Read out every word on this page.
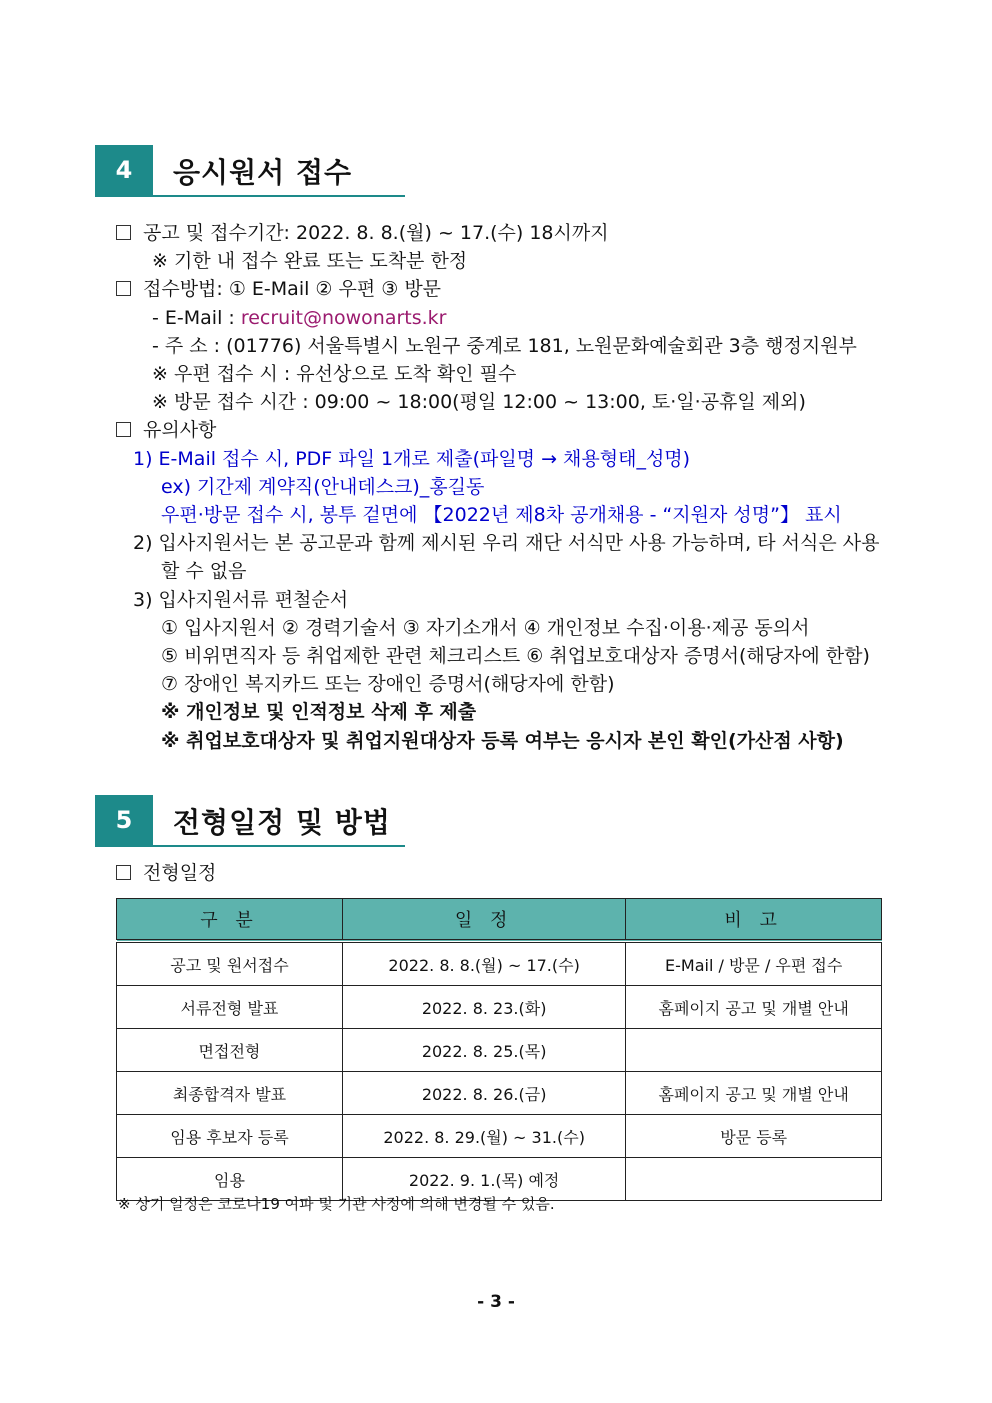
4	응시원서 접수
공고 및 접수기간: 2022. 8. 8.(월) ~ 17.(수) 18시까지
※ 기한 내 접수 완료 또는 도착분 한정
접수방법: ① E-Mail ② 우편 ③ 방문
- E-Mail : recruit@nowonarts.kr
- 주 소 : (01776) 서울특별시 노원구 중계로 181, 노원문화예술회관 3층 행정지원부
※ 우편 접수 시 : 유선상으로 도착 확인 필수
※ 방문 접수 시간 : 09:00 ~ 18:00(평일 12:00 ~ 13:00, 토·일·공휴일 제외)
유의사항
1) E-Mail 접수 시, PDF 파일 1개로 제출(파일명 → 채용형태_성명)
ex) 기간제 계약직(안내데스크)_홍길동
우편·방문 접수 시, 봉투 겉면에 【2022년 제8차 공개채용 - “지원자 성명”】 표시
2) 입사지원서는 본 공고문과 함께 제시된 우리 재단 서식만 사용 가능하며, 타 서식은 사용
할 수 없음
3) 입사지원서류 편철순서
① 입사지원서 ② 경력기술서 ③ 자기소개서 ④ 개인정보 수집·이용·제공 동의서
⑤ 비위면직자 등 취업제한 관련 체크리스트 ⑥ 취업보호대상자 증명서(해당자에 한함)
⑦ 장애인 복지카드 또는 장애인 증명서(해당자에 한함)
※ 개인정보 및 인적정보 삭제 후 제출
※ 취업보호대상자 및 취업지원대상자 등록 여부는 응시자 본인 확인(가산점 사항)
5	전형일정 및 방법
전형일정
구 분	일 정	비 고
공고 및 원서접수	2022. 8. 8.(월) ~ 17.(수)	E-Mail / 방문 / 우편 접수
서류전형 발표	2022. 8. 23.(화)	홈페이지 공고 및 개별 안내
면접전형	2022. 8. 25.(목)	
최종합격자 발표	2022. 8. 26.(금)	홈페이지 공고 및 개별 안내
임용 후보자 등록	2022. 8. 29.(월) ~ 31.(수)	방문 등록
임용	2022. 9. 1.(목) 예정	
※ 상기 일정은 코로나19 여파 및 기관 사정에 의해 변경될 수 있음.
- 3 -
